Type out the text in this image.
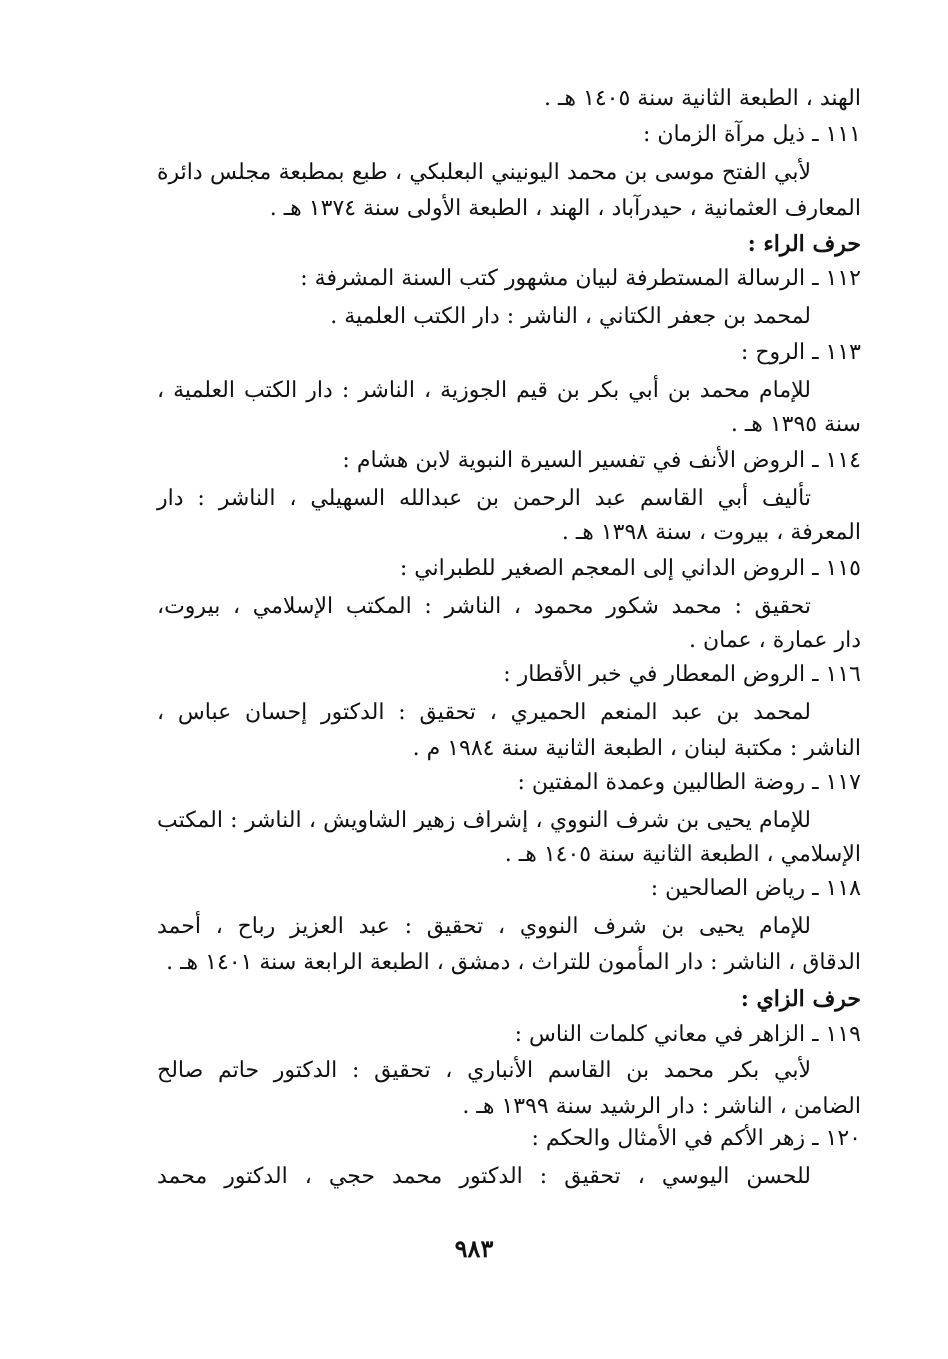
الهند ، الطبعة الثانية سنة ١٤٠٥ هـ .
١١١ ـ ذيل مرآة الزمان :
لأبي الفتح موسى بن محمد اليونيني البعلبكي ، طبع بمطبعة مجلس دائرة
المعارف العثمانية ، حيدرآباد ، الهند ، الطبعة الأولى سنة ١٣٧٤ هـ .
حرف الراء :
١١٢ ـ الرسالة المستطرفة لبيان مشهور كتب السنة المشرفة :
لمحمد بن جعفر الكتاني ، الناشر : دار الكتب العلمية .
١١٣ ـ الروح :
للإمام محمد بن أبي بكر بن قيم الجوزية ، الناشر : دار الكتب العلمية ،
سنة ١٣٩٥ هـ .
١١٤ ـ الروض الأنف في تفسير السيرة النبوية لابن هشام :
تأليف أبي القاسم عبد الرحمن بن عبدالله السهيلي ، الناشر : دار
المعرفة ، بيروت ، سنة ١٣٩٨ هـ .
١١٥ ـ الروض الداني إلى المعجم الصغير للطبراني :
تحقيق : محمد شكور محمود ، الناشر : المكتب الإسلامي ، بيروت،
دار عمارة ، عمان .
١١٦ ـ الروض المعطار في خبر الأقطار :
لمحمد بن عبد المنعم الحميري ، تحقيق : الدكتور إحسان عباس ،
الناشر : مكتبة لبنان ، الطبعة الثانية سنة ١٩٨٤ م .
١١٧ ـ روضة الطالبين وعمدة المفتين :
للإمام يحيى بن شرف النووي ، إشراف زهير الشاويش ، الناشر : المكتب
الإسلامي ، الطبعة الثانية سنة ١٤٠٥ هـ .
١١٨ ـ رياض الصالحين :
للإمام يحيى بن شرف النووي ، تحقيق : عبد العزيز رباح ، أحمد
الدقاق ، الناشر : دار المأمون للتراث ، دمشق ، الطبعة الرابعة سنة ١٤٠١ هـ .
حرف الزاي :
١١٩ ـ الزاهر في معاني كلمات الناس :
لأبي بكر محمد بن القاسم الأنباري ، تحقيق : الدكتور حاتم صالح
الضامن ، الناشر : دار الرشيد سنة ١٣٩٩ هـ .
١٢٠ ـ زهر الأكم في الأمثال والحكم :
للحسن اليوسي ، تحقيق : الدكتور محمد حجي ، الدكتور محمد
٩٨٣
